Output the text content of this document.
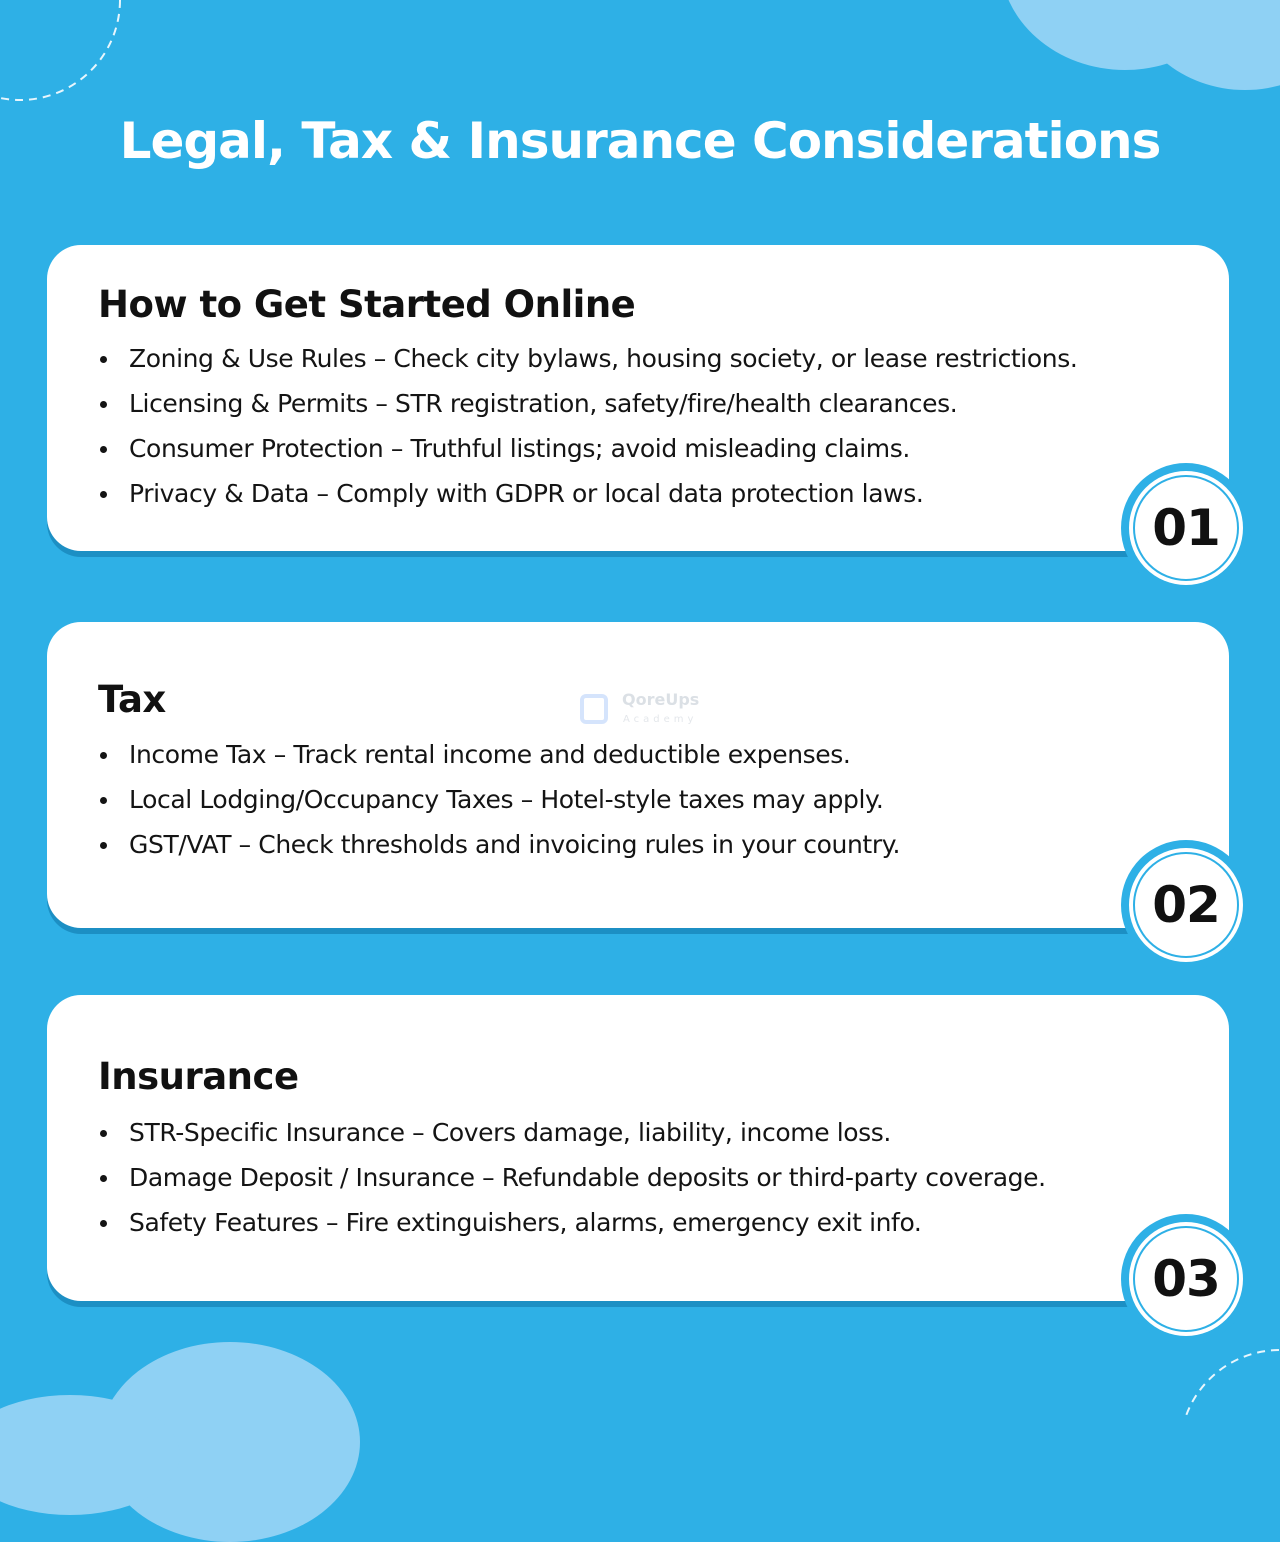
Legal, Tax & Insurance Considerations
How to Get Started Online
Zoning & Use Rules – Check city bylaws, housing society, or lease restrictions.
Licensing & Permits – STR registration, safety/fire/health clearances.
Consumer Protection – Truthful listings; avoid misleading claims.
Privacy & Data – Comply with GDPR or local data protection laws.
01
Tax
Income Tax – Track rental income and deductible expenses.
Local Lodging/Occupancy Taxes – Hotel-style taxes may apply.
GST/VAT – Check thresholds and invoicing rules in your country.
02
QoreUps
Academy
Insurance
STR-Specific Insurance – Covers damage, liability, income loss.
Damage Deposit / Insurance – Refundable deposits or third-party coverage.
Safety Features – Fire extinguishers, alarms, emergency exit info.
03
